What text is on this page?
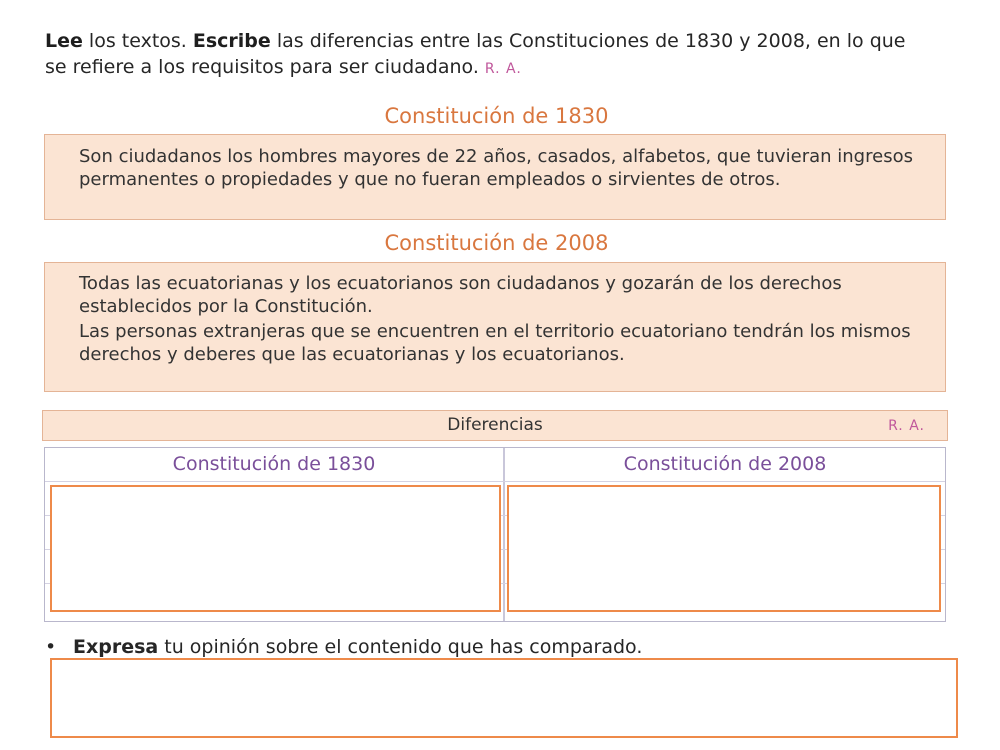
Lee los textos. Escribe las diferencias entre las Constituciones de 1830 y 2008, en lo que se refiere a los requisitos para ser ciudadano. R. A.
Constitución de 1830

Son ciudadanos los hombres mayores de 22 años, casados, alfabetos, que tuvieran ingresos permanentes o propiedades y que no fueran empleados o sirvientes de otros.

Constitución de 2008

Todas las ecuatorianas y los ecuatorianos son ciudadanos y gozarán de los derechos establecidos por la Constitución.

Las personas extranjeras que se encuentren en el territorio ecuatoriano tendrán los mismos derechos y deberes que las ecuatorianas y los ecuatorianos.

Diferencias	R. A.
Constitución de 1830	Constitución de 2008
• Expresa tu opinión sobre el contenido que has comparado.
